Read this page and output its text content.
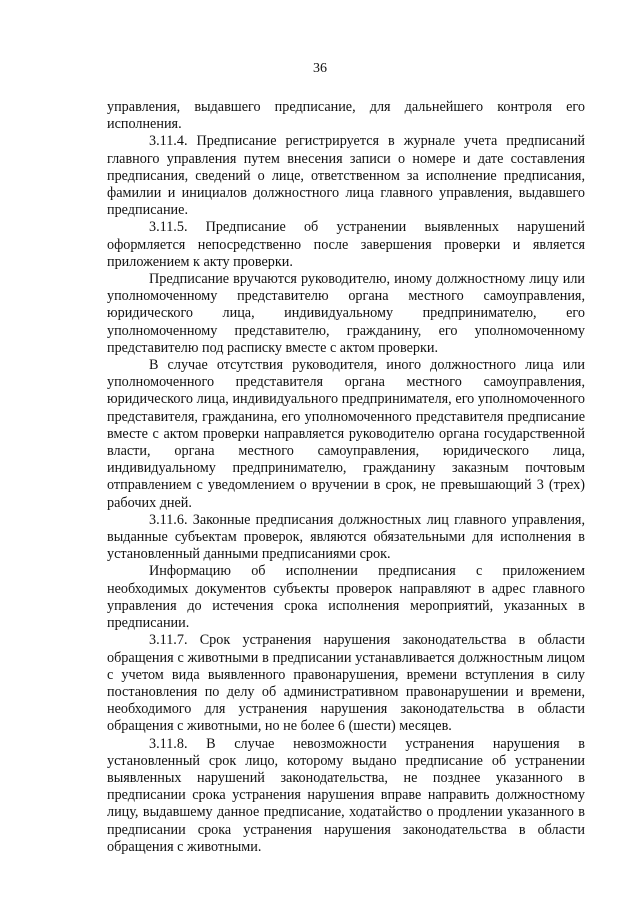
36

управления, выдавшего предписание, для дальнейшего контроля его исполнения.

3.11.4. Предписание регистрируется в журнале учета предписаний главного управления путем внесения записи о номере и дате составления предписания, сведений о лице, ответственном за исполнение предписания, фамилии и инициалов должностного лица главного управления, выдавшего предписание.

3.11.5. Предписание об устранении выявленных нарушений оформляется непосредственно после завершения проверки и является приложением к акту проверки.

Предписание вручаются руководителю, иному должностному лицу или уполномоченному представителю органа местного самоуправления, юридического лица, индивидуальному предпринимателю, его уполномоченному представителю, гражданину, его уполномоченному представителю под расписку вместе с актом проверки.

В случае отсутствия руководителя, иного должностного лица или уполномоченного представителя органа местного самоуправления, юридического лица, индивидуального предпринимателя, его уполномоченного представителя, гражданина, его уполномоченного представителя предписание вместе с актом проверки направляется руководителю органа государственной власти, органа местного самоуправления, юридического лица, индивидуальному предпринимателю, гражданину заказным почтовым отправлением с уведомлением о вручении в срок, не превышающий 3 (трех) рабочих дней.

3.11.6. Законные предписания должностных лиц главного управления, выданные субъектам проверок, являются обязательными для исполнения в установленный данными предписаниями срок.

Информацию об исполнении предписания с приложением необходимых документов субъекты проверок направляют в адрес главного управления до истечения срока исполнения мероприятий, указанных в предписании.

3.11.7. Срок устранения нарушения законодательства в области обращения с животными в предписании устанавливается должностным лицом с учетом вида выявленного правонарушения, времени вступления в силу постановления по делу об административном правонарушении и времени, необходимого для устранения нарушения законодательства в области обращения с животными, но не более 6 (шести) месяцев.

3.11.8. В случае невозможности устранения нарушения в установленный срок лицо, которому выдано предписание об устранении выявленных нарушений законодательства, не позднее указанного в предписании срока устранения нарушения вправе направить должностному лицу, выдавшему данное предписание, ходатайство о продлении указанного в предписании срока устранения нарушения законодательства в области обращения с животными.
